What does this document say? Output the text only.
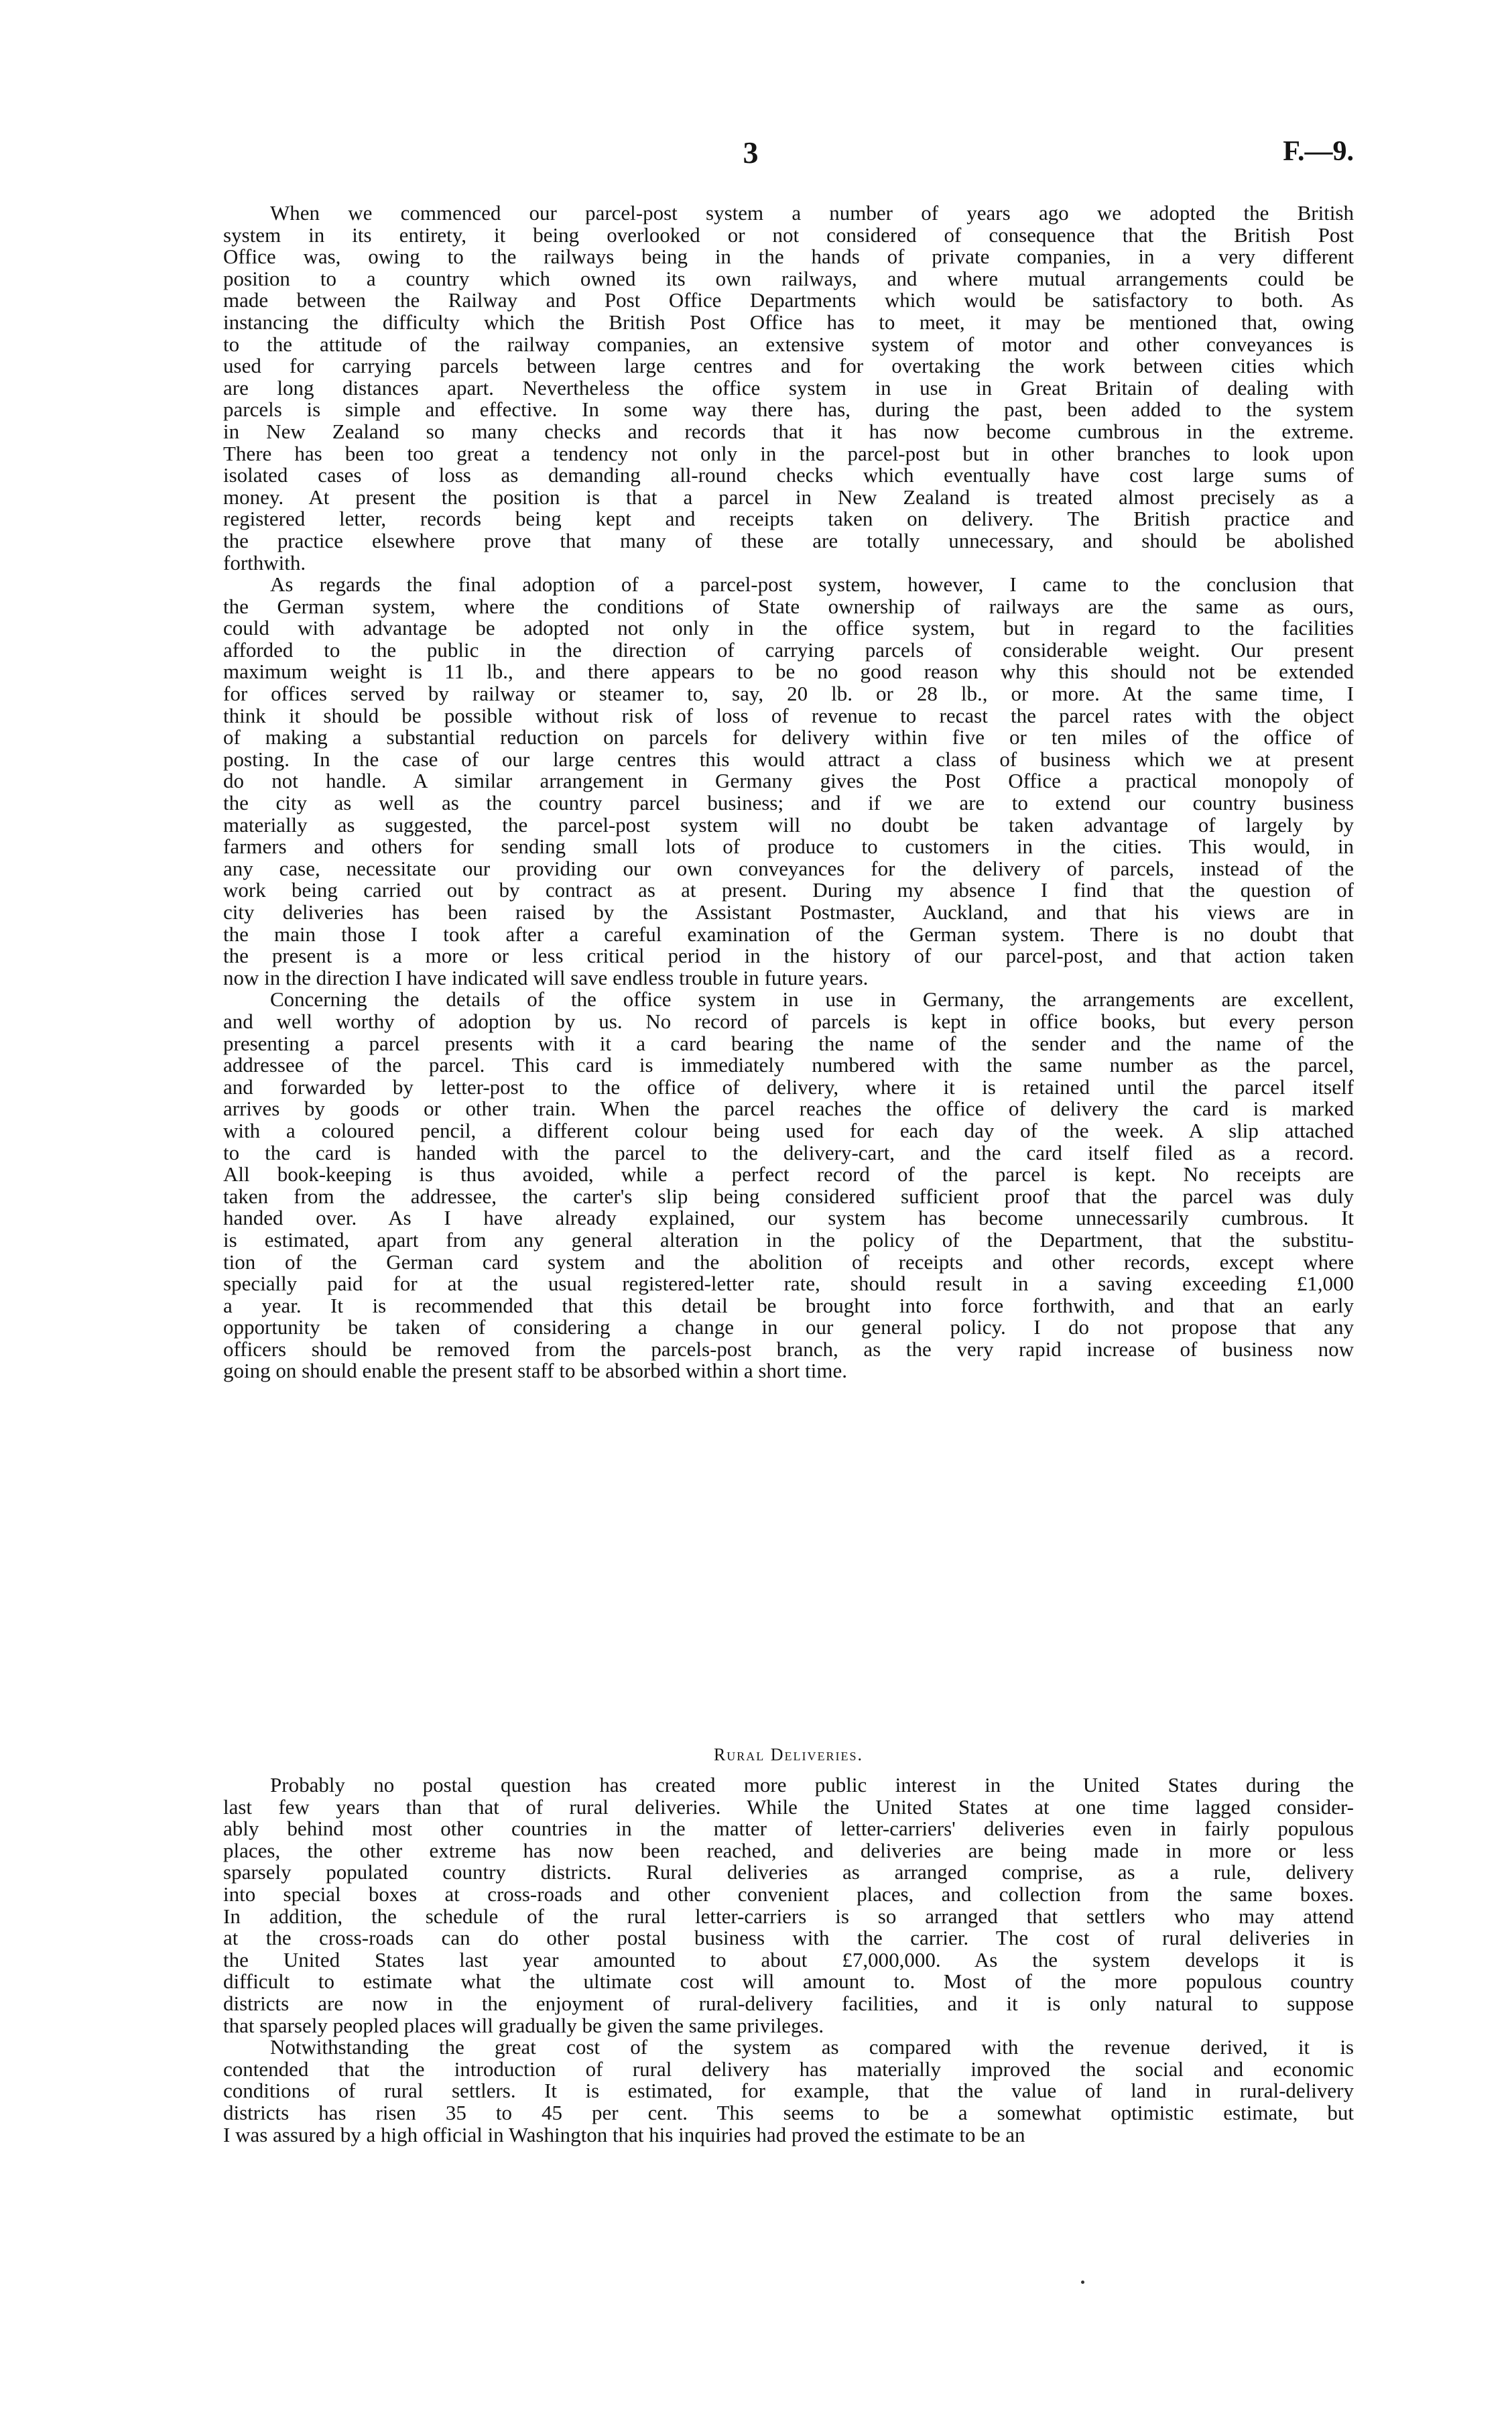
3	F.—9.
When we commenced our parcel-post system a number of years ago we adopted the British
system in its entirety, it being overlooked or not considered of consequence that the British Post
Office was, owing to the railways being in the hands of private companies, in a very different
position to a country which owned its own railways, and where mutual arrangements could be
made between the Railway and Post Office Departments which would be satisfactory to both. As
instancing the difficulty which the British Post Office has to meet, it may be mentioned that, owing
to the attitude of the railway companies, an extensive system of motor and other conveyances is
used for carrying parcels between large centres and for overtaking the work between cities which
are long distances apart. Nevertheless the office system in use in Great Britain of dealing with
parcels is simple and effective. In some way there has, during the past, been added to the system
in New Zealand so many checks and records that it has now become cumbrous in the extreme.
There has been too great a tendency not only in the parcel-post but in other branches to look upon
isolated cases of loss as demanding all-round checks which eventually have cost large sums of
money. At present the position is that a parcel in New Zealand is treated almost precisely as a
registered letter, records being kept and receipts taken on delivery. The British practice and
the practice elsewhere prove that many of these are totally unnecessary, and should be abolished
forthwith.
As regards the final adoption of a parcel-post system, however, I came to the conclusion that
the German system, where the conditions of State ownership of railways are the same as ours,
could with advantage be adopted not only in the office system, but in regard to the facilities
afforded to the public in the direction of carrying parcels of considerable weight. Our present
maximum weight is 11 lb., and there appears to be no good reason why this should not be extended
for offices served by railway or steamer to, say, 20 lb. or 28 lb., or more. At the same time, I
think it should be possible without risk of loss of revenue to recast the parcel rates with the object
of making a substantial reduction on parcels for delivery within five or ten miles of the office of
posting. In the case of our large centres this would attract a class of business which we at present
do not handle. A similar arrangement in Germany gives the Post Office a practical monopoly of
the city as well as the country parcel business; and if we are to extend our country business
materially as suggested, the parcel-post system will no doubt be taken advantage of largely by
farmers and others for sending small lots of produce to customers in the cities. This would, in
any case, necessitate our providing our own conveyances for the delivery of parcels, instead of the
work being carried out by contract as at present. During my absence I find that the question of
city deliveries has been raised by the Assistant Postmaster, Auckland, and that his views are in
the main those I took after a careful examination of the German system. There is no doubt that
the present is a more or less critical period in the history of our parcel-post, and that action taken
now in the direction I have indicated will save endless trouble in future years.
Concerning the details of the office system in use in Germany, the arrangements are excellent,
and well worthy of adoption by us. No record of parcels is kept in office books, but every person
presenting a parcel presents with it a card bearing the name of the sender and the name of the
addressee of the parcel. This card is immediately numbered with the same number as the parcel,
and forwarded by letter-post to the office of delivery, where it is retained until the parcel itself
arrives by goods or other train. When the parcel reaches the office of delivery the card is marked
with a coloured pencil, a different colour being used for each day of the week. A slip attached
to the card is handed with the parcel to the delivery-cart, and the card itself filed as a record.
All book-keeping is thus avoided, while a perfect record of the parcel is kept. No receipts are
taken from the addressee, the carter's slip being considered sufficient proof that the parcel was duly
handed over. As I have already explained, our system has become unnecessarily cumbrous. It
is estimated, apart from any general alteration in the policy of the Department, that the substitu-
tion of the German card system and the abolition of receipts and other records, except where
specially paid for at the usual registered-letter rate, should result in a saving exceeding £1,000
a year. It is recommended that this detail be brought into force forthwith, and that an early
opportunity be taken of considering a change in our general policy. I do not propose that any
officers should be removed from the parcels-post branch, as the very rapid increase of business now
going on should enable the present staff to be absorbed within a short time.
Rural Deliveries.
Probably no postal question has created more public interest in the United States during the
last few years than that of rural deliveries. While the United States at one time lagged consider-
ably behind most other countries in the matter of letter-carriers' deliveries even in fairly populous
places, the other extreme has now been reached, and deliveries are being made in more or less
sparsely populated country districts. Rural deliveries as arranged comprise, as a rule, delivery
into special boxes at cross-roads and other convenient places, and collection from the same boxes.
In addition, the schedule of the rural letter-carriers is so arranged that settlers who may attend
at the cross-roads can do other postal business with the carrier. The cost of rural deliveries in
the United States last year amounted to about £7,000,000. As the system develops it is
difficult to estimate what the ultimate cost will amount to. Most of the more populous country
districts are now in the enjoyment of rural-delivery facilities, and it is only natural to suppose
that sparsely peopled places will gradually be given the same privileges.
Notwithstanding the great cost of the system as compared with the revenue derived, it is
contended that the introduction of rural delivery has materially improved the social and economic
conditions of rural settlers. It is estimated, for example, that the value of land in rural-delivery
districts has risen 35 to 45 per cent. This seems to be a somewhat optimistic estimate, but
I was assured by a high official in Washington that his inquiries had proved the estimate to be an
